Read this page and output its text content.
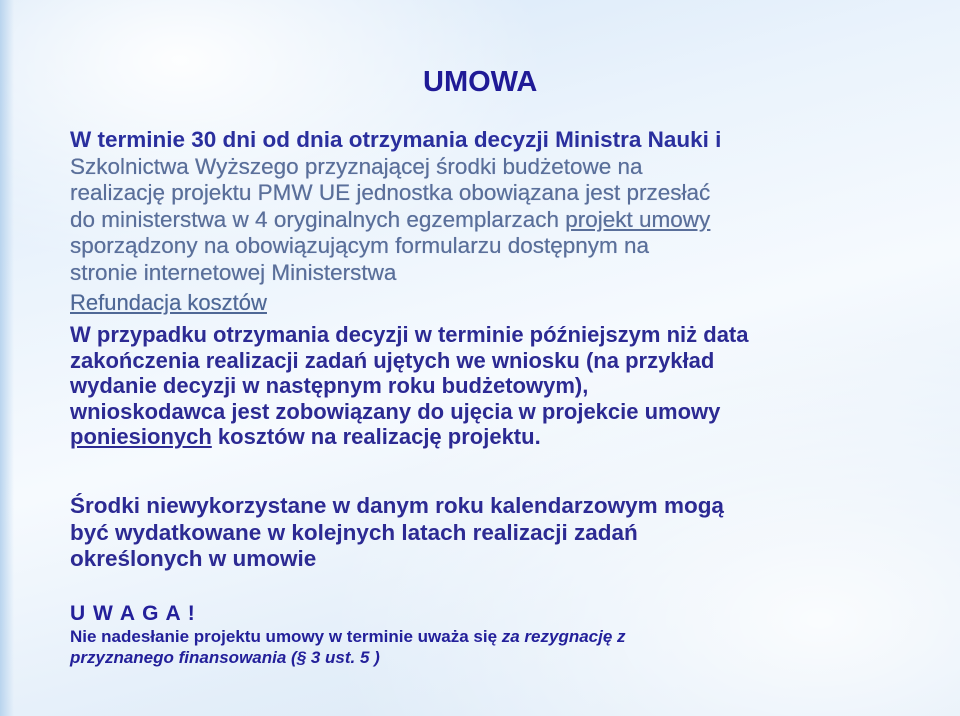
UMOWA
W terminie 30 dni od dnia otrzymania decyzji Ministra Nauki i
Szkolnictwa Wyższego przyznającej środki budżetowe na
realizację projektu PMW UE jednostka obowiązana jest przesłać
do ministerstwa w 4 oryginalnych egzemplarzach projekt umowy
sporządzony na obowiązującym formularzu dostępnym na
stronie internetowej Ministerstwa
Refundacja kosztów
W przypadku otrzymania decyzji w terminie późniejszym niż data
zakończenia realizacji zadań ujętych we wniosku (na przykład
wydanie decyzji w następnym roku budżetowym),
wnioskodawca jest zobowiązany do ujęcia w projekcie umowy
poniesionych kosztów na realizację projektu.
Środki niewykorzystane w danym roku kalendarzowym mogą
być wydatkowane w kolejnych latach realizacji zadań
określonych w umowie
U W A G A !
Nie nadesłanie projektu umowy w terminie uważa się za rezygnację z
przyznanego finansowania (§ 3 ust. 5 )
